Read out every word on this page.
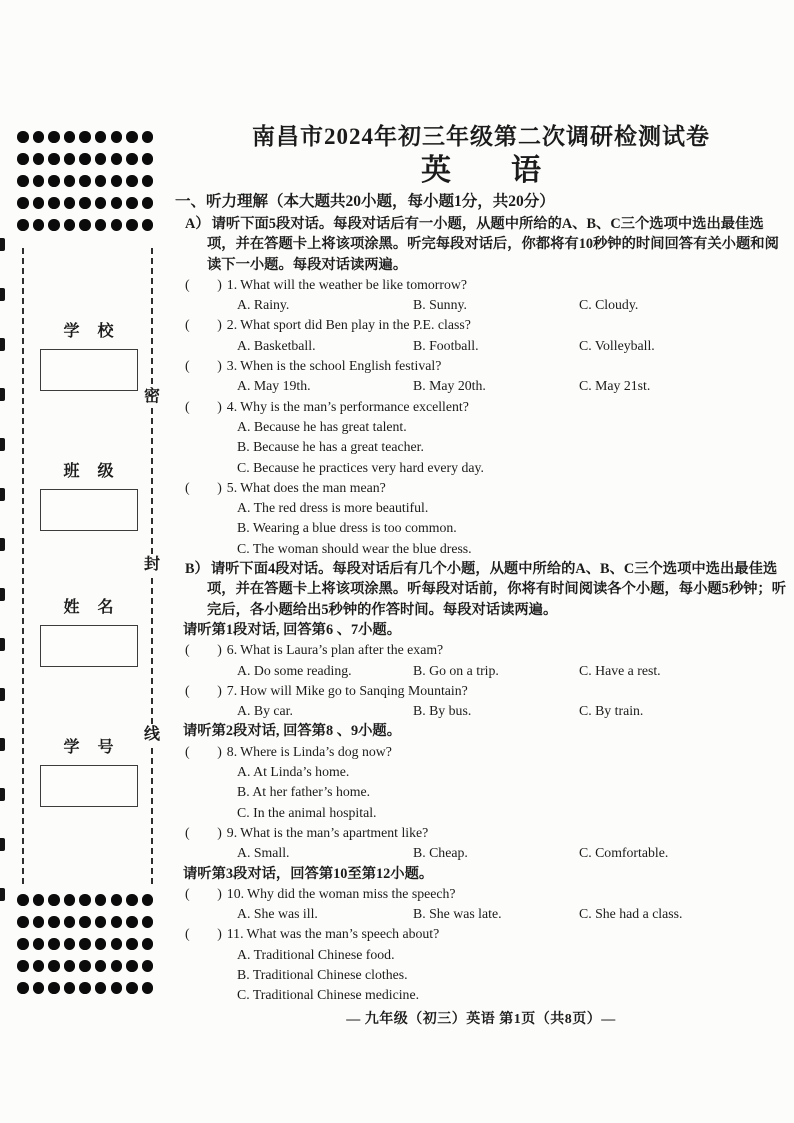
密
封
线
学　校
班　级
姓　名
学　号
南昌市2024年初三年级第二次调研检测试卷
英　　语
一、听力理解（本大题共20小题，每小题1分，共20分）
A） 请听下面5段对话。每段对话后有一小题，从题中所给的A、B、C三个选项中选出最佳选项，并在答题卡上将该项涂黑。听完每段对话后，你都将有10秒钟的时间回答有关小题和阅读下一小题。每段对话读两遍。
(  ) 1. What will the weather be like tomorrow?
A. Rainy.	B. Sunny.	C. Cloudy.
(  ) 2. What sport did Ben play in the P.E. class?
A. Basketball.	B. Football.	C. Volleyball.
(  ) 3. When is the school English festival?
A. May 19th.	B. May 20th.	C. May 21st.
(  ) 4. Why is the man’s performance excellent?
A. Because he has great talent.
B. Because he has a great teacher.
C. Because he practices very hard every day.
(  ) 5. What does the man mean?
A. The red dress is more beautiful.
B. Wearing a blue dress is too common.
C. The woman should wear the blue dress.
B） 请听下面4段对话。每段对话后有几个小题，从题中所给的A、B、C三个选项中选出最佳选项，并在答题卡上将该项涂黑。听每段对话前，你将有时间阅读各个小题，每小题5秒钟；听完后，各小题给出5秒钟的作答时间。每段对话读两遍。
请听第1段对话, 回答第6 、7小题。
(  ) 6. What is Laura’s plan after the exam?
A. Do some reading.	B. Go on a trip.	C. Have a rest.
(  ) 7. How will Mike go to Sanqing Mountain?
A. By car.	B. By bus.	C. By train.
请听第2段对话, 回答第8 、9小题。
(  ) 8. Where is Linda’s dog now?
A. At Linda’s home.
B. At her father’s home.
C. In the animal hospital.
(  ) 9. What is the man’s apartment like?
A. Small.	B. Cheap.	C. Comfortable.
请听第3段对话，回答第10至第12小题。
(  ) 10. Why did the woman miss the speech?
A. She was ill.	B. She was late.	C. She had a class.
(  ) 11. What was the man’s speech about?
A. Traditional Chinese food.
B. Traditional Chinese clothes.
C. Traditional Chinese medicine.
— 九年级（初三）英语 第1页（共8页）—
